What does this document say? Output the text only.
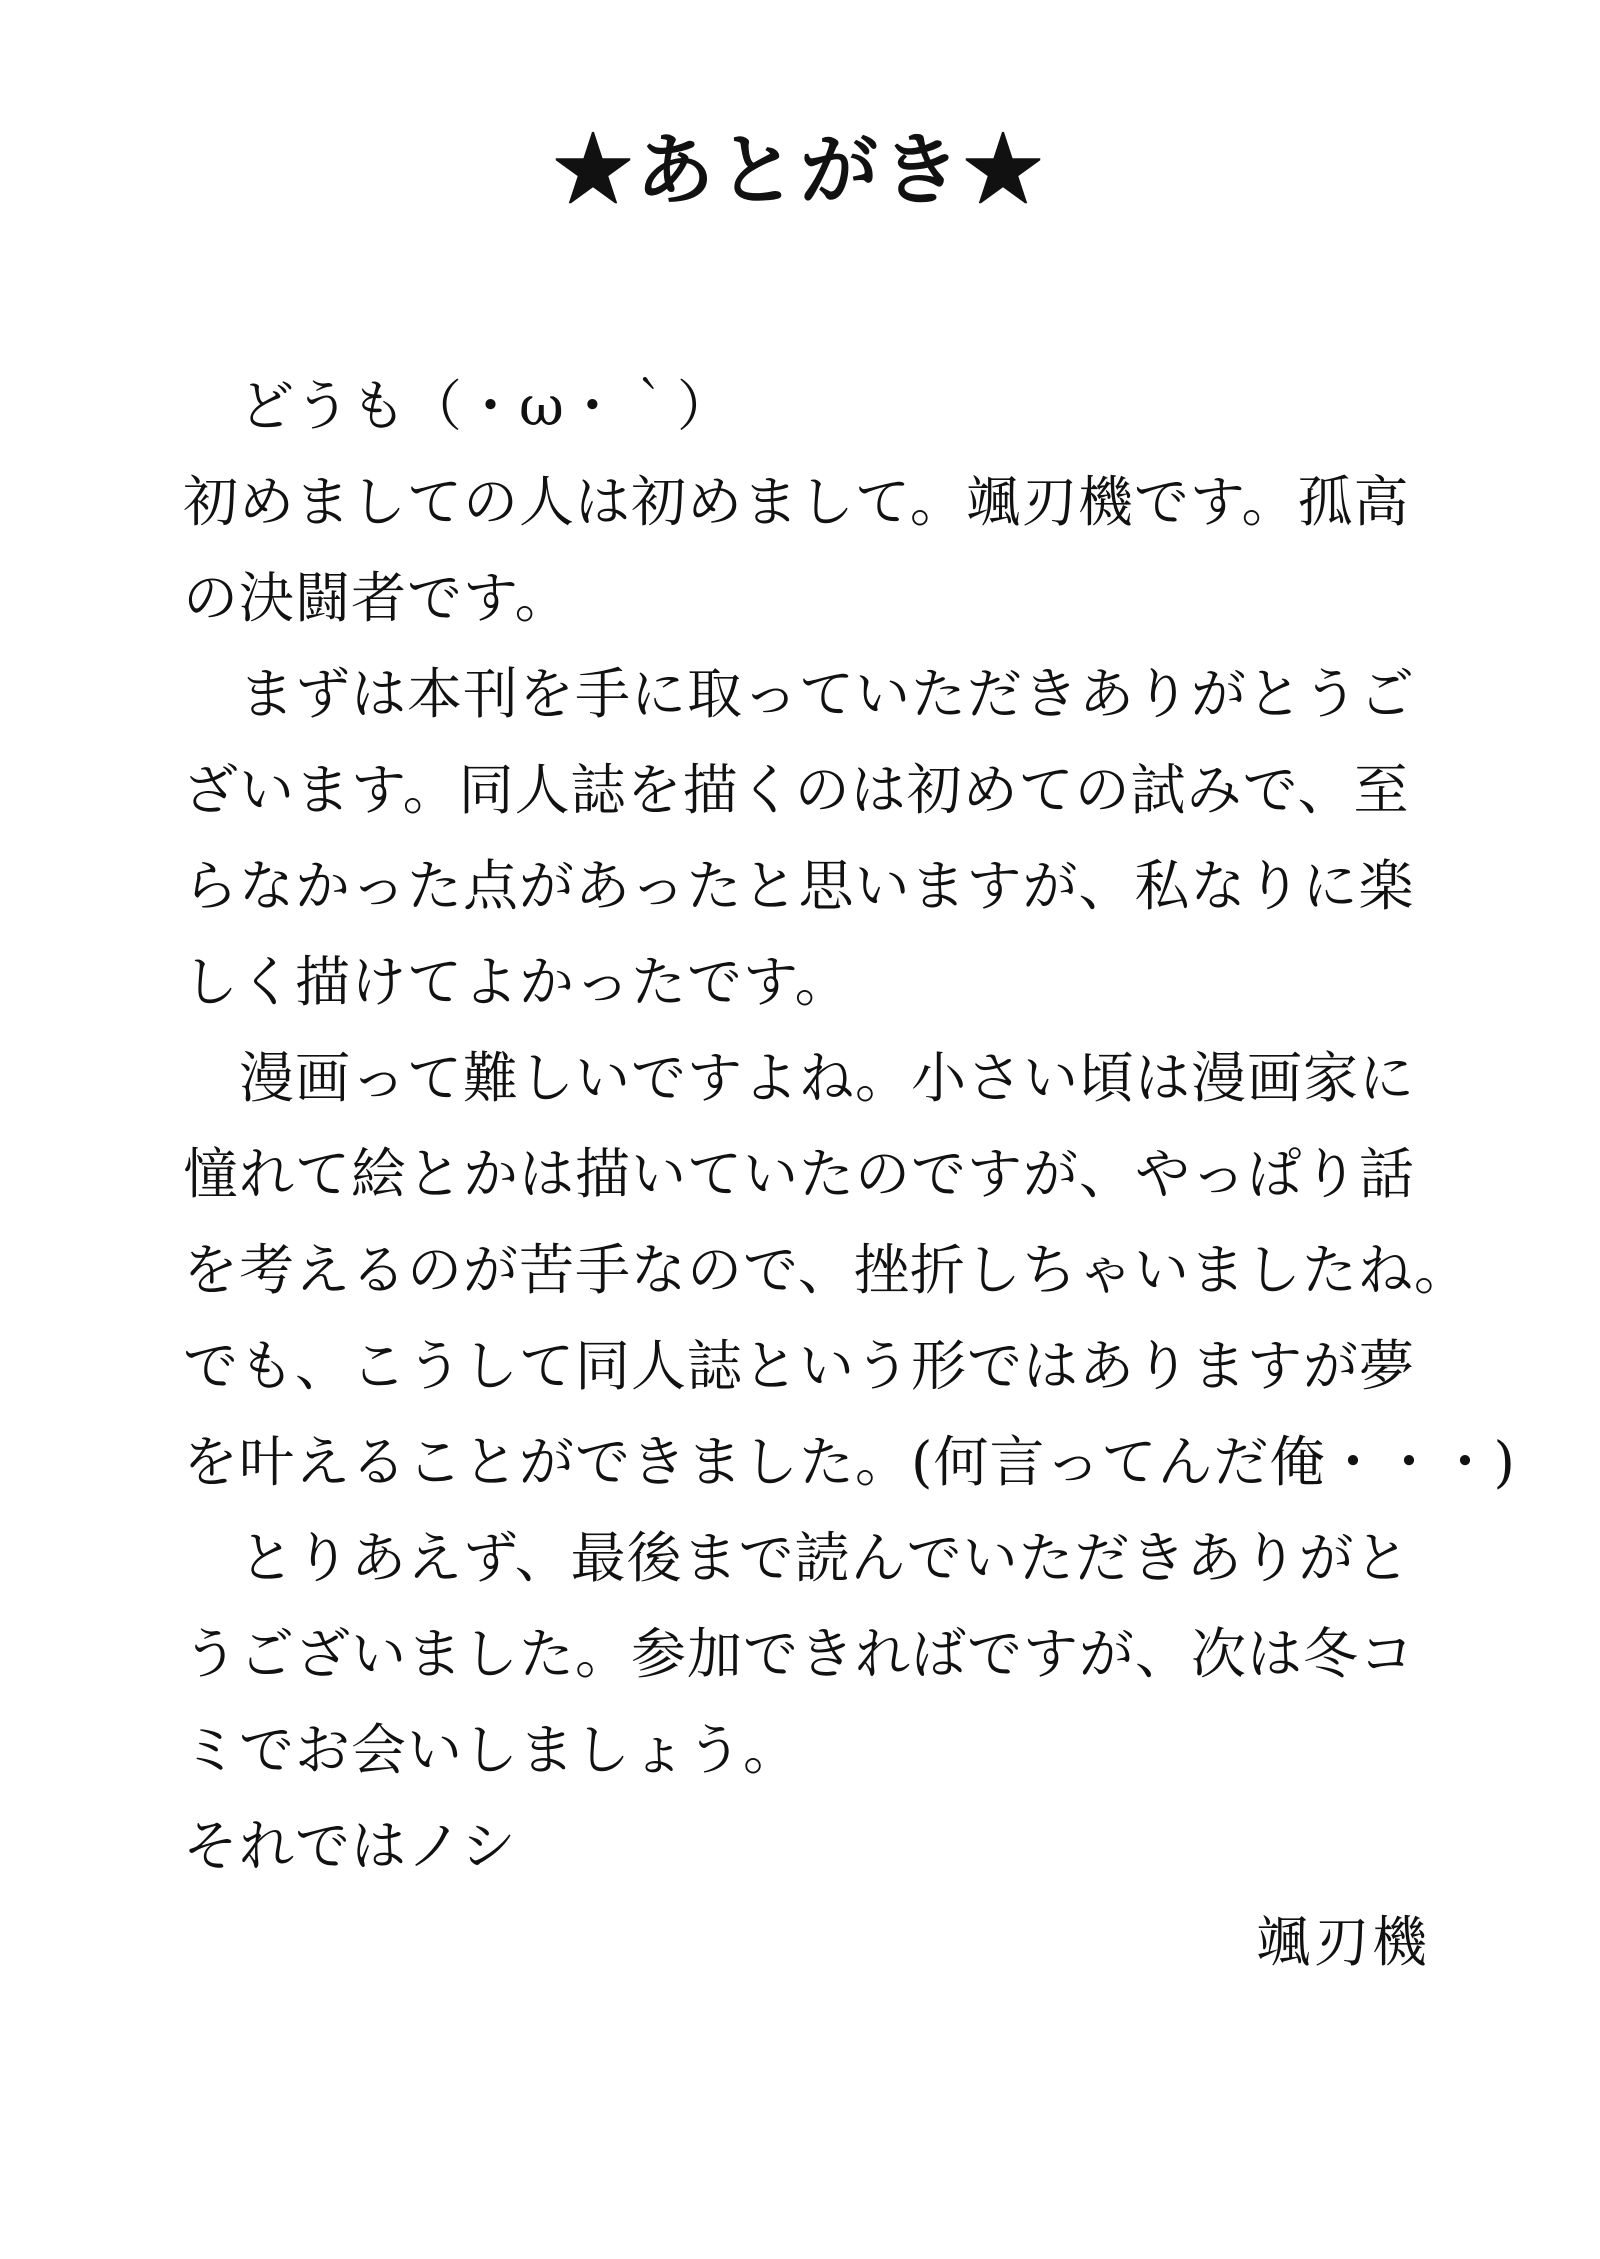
★あとがき★
どうも（・ω・｀）
初めましての人は初めまして。颯刃機です。孤高
の決闘者です。
まずは本刊を手に取っていただきありがとうご
ざいます。同人誌を描くのは初めての試みで、至
らなかった点があったと思いますが、私なりに楽
しく描けてよかったです。
漫画って難しいですよね。小さい頃は漫画家に
憧れて絵とかは描いていたのですが、やっぱり話
を考えるのが苦手なので、挫折しちゃいましたね。
でも、こうして同人誌という形ではありますが夢
を叶えることができました。(何言ってんだ俺・・・)
とりあえず、最後まで読んでいただきありがと
うございました。参加できればですが、次は冬コ
ミでお会いしましょう。
それではノシ
颯刃機
